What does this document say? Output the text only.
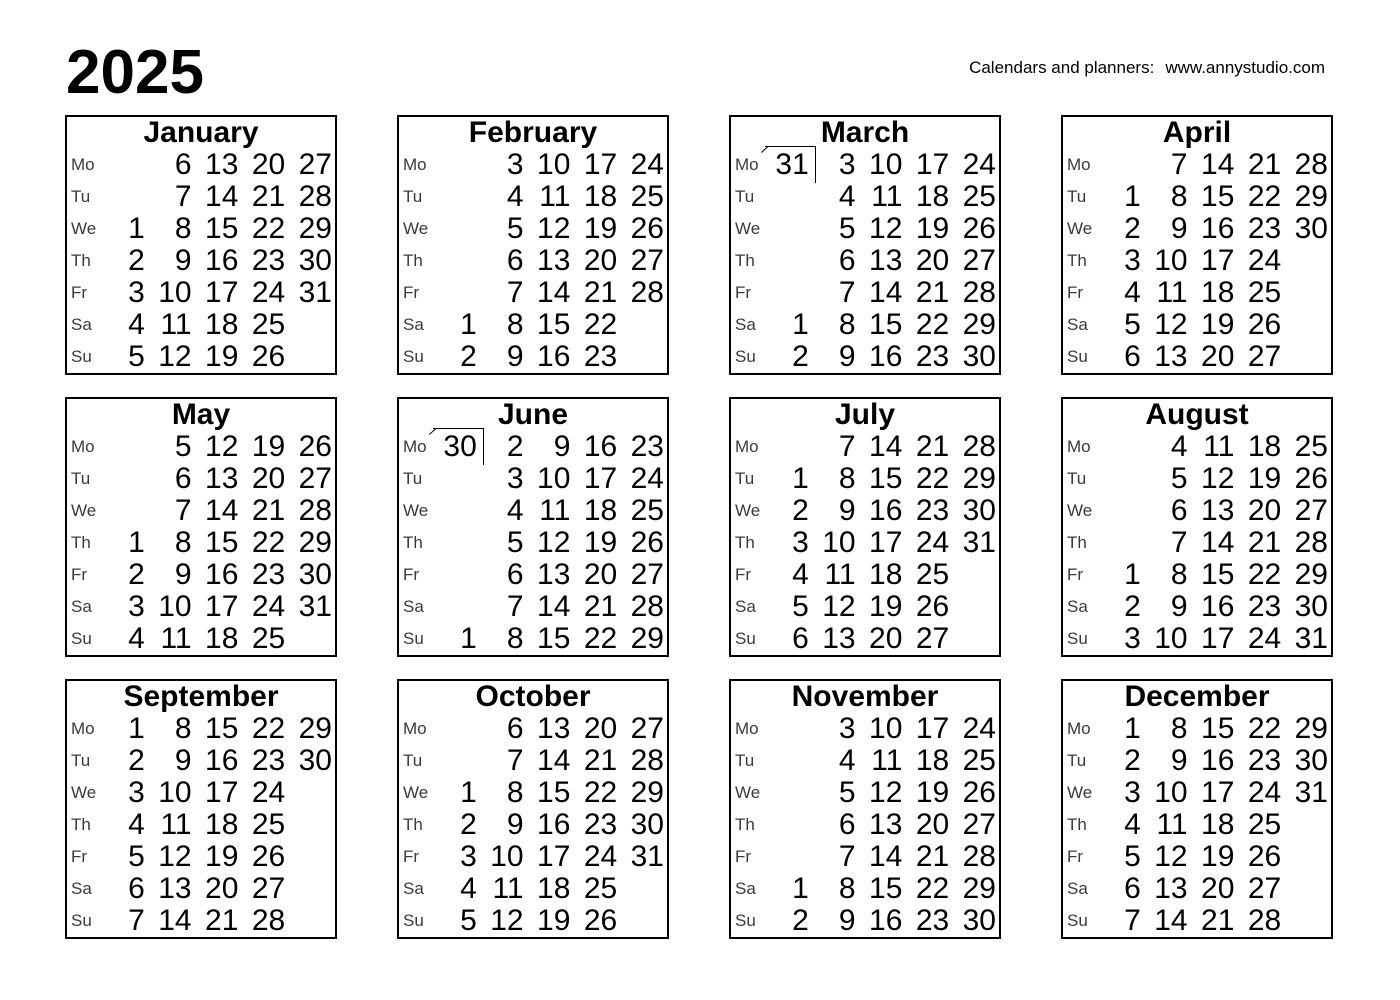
2025	Calendars and planners: www.annystudio.com
January
Mo		6	13	20	27
Tu		7	14	21	28
We	1	8	15	22	29
Th	2	9	16	23	30
Fr	3	10	17	24	31
Sa	4	11	18	25	
Su	5	12	19	26	
February
Mo		3	10	17	24
Tu		4	11	18	25
We		5	12	19	26
Th		6	13	20	27
Fr		7	14	21	28
Sa	1	8	15	22	
Su	2	9	16	23	
March
Mo	31	3	10	17	24
Tu		4	11	18	25
We		5	12	19	26
Th		6	13	20	27
Fr		7	14	21	28
Sa	1	8	15	22	29
Su	2	9	16	23	30
April
Mo		7	14	21	28
Tu	1	8	15	22	29
We	2	9	16	23	30
Th	3	10	17	24	
Fr	4	11	18	25	
Sa	5	12	19	26	
Su	6	13	20	27	
May
Mo		5	12	19	26
Tu		6	13	20	27
We		7	14	21	28
Th	1	8	15	22	29
Fr	2	9	16	23	30
Sa	3	10	17	24	31
Su	4	11	18	25	
June
Mo	30	2	9	16	23
Tu		3	10	17	24
We		4	11	18	25
Th		5	12	19	26
Fr		6	13	20	27
Sa		7	14	21	28
Su	1	8	15	22	29
July
Mo		7	14	21	28
Tu	1	8	15	22	29
We	2	9	16	23	30
Th	3	10	17	24	31
Fr	4	11	18	25	
Sa	5	12	19	26	
Su	6	13	20	27	
August
Mo		4	11	18	25
Tu		5	12	19	26
We		6	13	20	27
Th		7	14	21	28
Fr	1	8	15	22	29
Sa	2	9	16	23	30
Su	3	10	17	24	31
September
Mo	1	8	15	22	29
Tu	2	9	16	23	30
We	3	10	17	24	
Th	4	11	18	25	
Fr	5	12	19	26	
Sa	6	13	20	27	
Su	7	14	21	28	
October
Mo		6	13	20	27
Tu		7	14	21	28
We	1	8	15	22	29
Th	2	9	16	23	30
Fr	3	10	17	24	31
Sa	4	11	18	25	
Su	5	12	19	26	
November
Mo		3	10	17	24
Tu		4	11	18	25
We		5	12	19	26
Th		6	13	20	27
Fr		7	14	21	28
Sa	1	8	15	22	29
Su	2	9	16	23	30
December
Mo	1	8	15	22	29
Tu	2	9	16	23	30
We	3	10	17	24	31
Th	4	11	18	25	
Fr	5	12	19	26	
Sa	6	13	20	27	
Su	7	14	21	28	
